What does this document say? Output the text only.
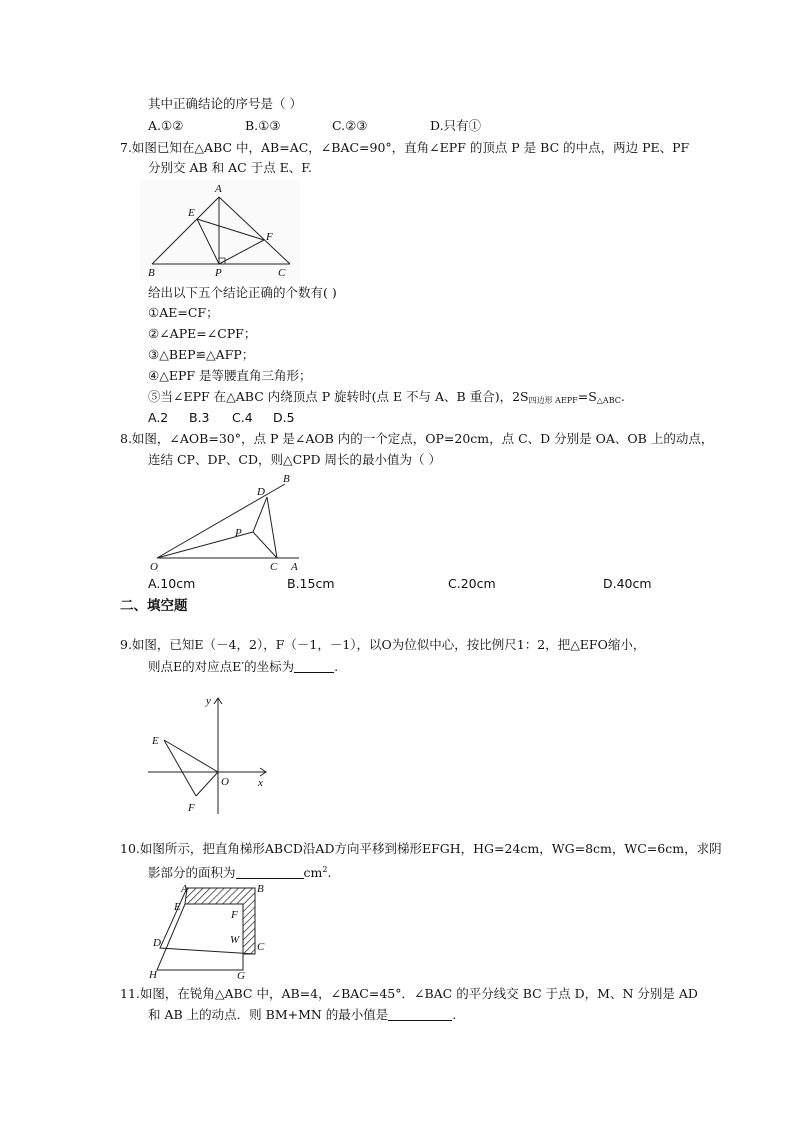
其中正确结论的序号是（ ）
A.①②	B.①③	C.②③	D.只有①
7.如图已知在△ABC 中，AB=AC，∠BAC=90°，直角∠EPF 的顶点 P 是 BC 的中点，两边 PE、PF
分别交 AB 和 AC 于点 E、F.
A
E
F
B	P	C
给出以下五个结论正确的个数有( )
①AE=CF；
②∠APE=∠CPF；
③△BEP≌△AFP；
④△EPF 是等腰直角三角形；
⑤当∠EPF 在△ABC 内绕顶点 P 旋转时(点 E 不与 A、B 重合)，$2S_{四边形 AEPF}=S_{\triangle ABC}$.
A.2 B.3 C.4 D.5
8.如图，∠AOB=30°，点 P 是∠AOB 内的一个定点，OP=20cm，点 C、D 分别是 OA、OB 上的动点，
连结 CP、DP、CD，则△CPD 周长的最小值为（ ）
O	C A
D
B
P
A.10cm	B.15cm	C.20cm	D.40cm
二、填空题
9.如图，已知E（－4，2），F（－1，－1），以O为位似中心，按比例尺1：2，把△EFO缩小，
则点E的对应点E′的坐标为	.
y
x
E
F
O
10.如图所示，把直角梯形ABCD沿AD方向平移到梯形EFGH，HG=24cm，WG=8cm，WC=6cm，求阴
影部分的面积为	$cm^2$.
A	B
E
F
W
C
D
H	G
11.如图，在锐角△ABC 中，AB=4，∠BAC=45°．∠BAC 的平分线交 BC 于点 D，M、N 分别是 AD
和 AB 上的动点．则 BM+MN 的最小值是	.
